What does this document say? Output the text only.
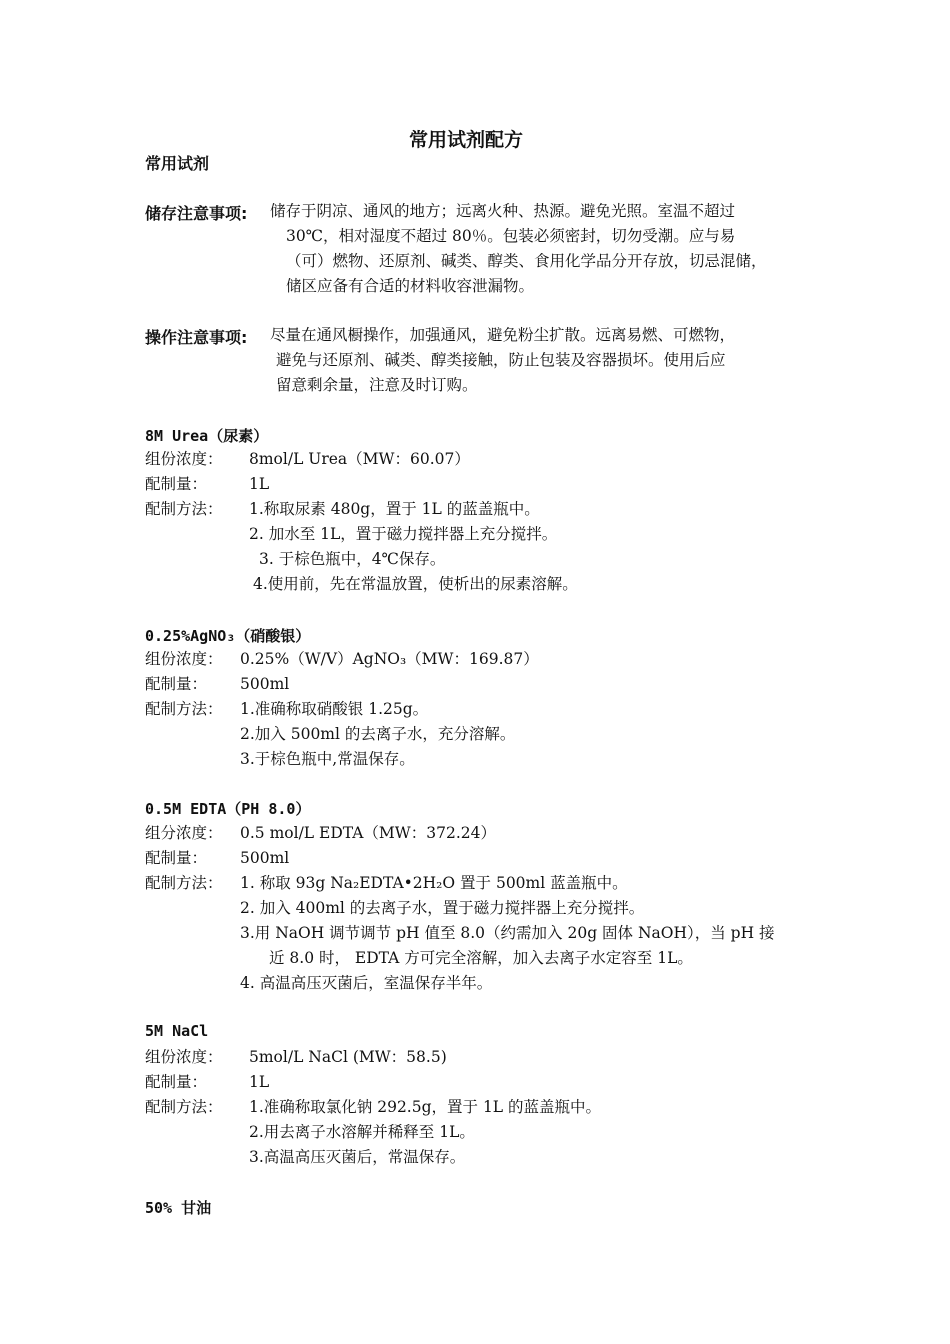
常用试剂配方
常用试剂
储存注意事项: 储存于阴凉、通风的地方；远离火种、热源。避免光照。室温不超过
30℃，相对湿度不超过 80％。包装必须密封，切勿受潮。应与易
（可）燃物、还原剂、碱类、醇类、食用化学品分开存放，切忌混储，
储区应备有合适的材料收容泄漏物。
操作注意事项: 尽量在通风橱操作，加强通风，避免粉尘扩散。远离易燃、可燃物，
避免与还原剂、碱类、醇类接触，防止包装及容器损坏。使用后应
留意剩余量，注意及时订购。
8M Urea（尿素）
组份浓度： 8mol/L Urea（MW：60.07）
配制量：	1L
配制方法： 1.称取尿素 480g，置于 1L 的蓝盖瓶中。
2. 加水至 1L，置于磁力搅拌器上充分搅拌。
3. 于棕色瓶中，4℃保存。
4.使用前，先在常温放置，使析出的尿素溶解。
0.25%AgNO₃（硝酸银）
组份浓度： 0.25%（W/V）AgNO₃（MW：169.87）
配制量： 500ml
配制方法： 1.准确称取硝酸银 1.25g。
2.加入 500ml 的去离子水，充分溶解。
3.于棕色瓶中,常温保存。
0.5M EDTA（PH 8.0）
组分浓度： 0.5 mol/L EDTA（MW：372.24）
配制量： 500ml
配制方法： 1. 称取 93g Na₂EDTA•2H₂O 置于 500ml 蓝盖瓶中。
2. 加入 400ml 的去离子水，置于磁力搅拌器上充分搅拌。
3.用 NaOH 调节调节 pH 值至 8.0（约需加入 20g 固体 NaOH），当 pH 接
近 8.0 时， EDTA 方可完全溶解，加入去离子水定容至 1L。
4. 高温高压灭菌后，室温保存半年。
5M NaCl
组份浓度： 5mol/L NaCl (MW：58.5)
配制量：	1L
配制方法： 1.准确称取氯化钠 292.5g，置于 1L 的蓝盖瓶中。
2.用去离子水溶解并稀释至 1L。
3.高温高压灭菌后，常温保存。
50% 甘油
